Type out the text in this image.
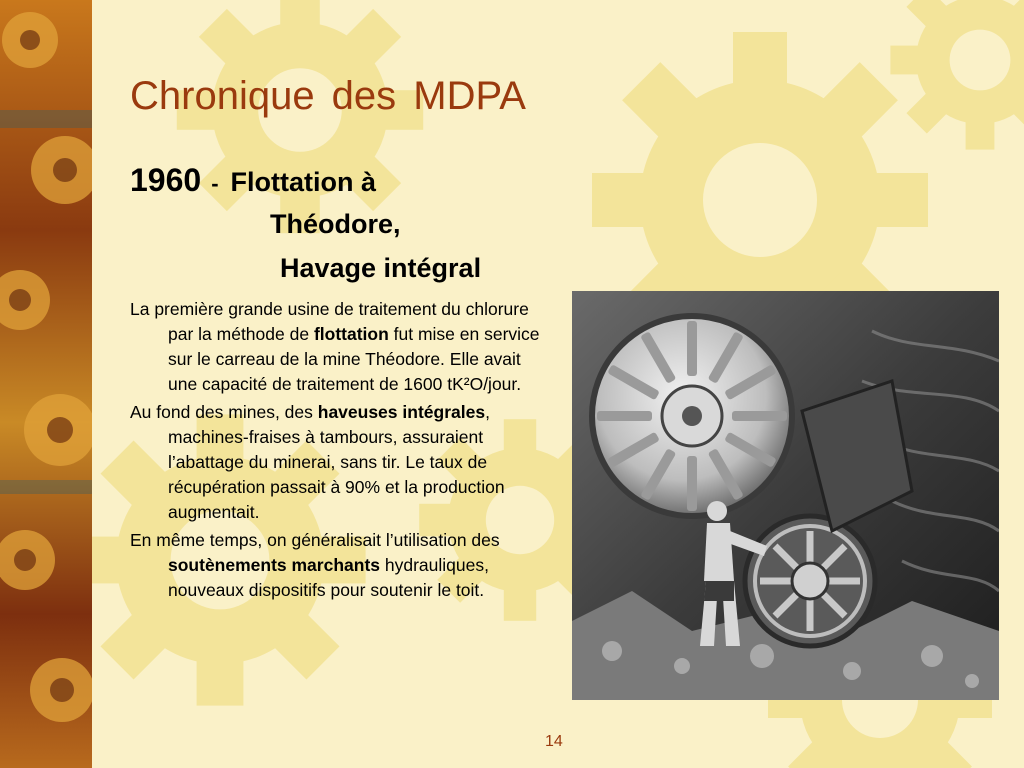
Chronique des MDPA
1960 - Flottation à
Théodore,
Havage intégral

La première grande usine de traitement du chlorure par la méthode de flottation fut mise en service sur le carreau de la mine Théodore. Elle avait une capacité de traitement de 1600 tK²O/jour.

Au fond des mines, des haveuses intégrales, machines-fraises à tambours, assuraient l’abattage du minerai, sans tir. Le taux de récupération passait à 90% et la production augmentait.

En même temps, on généralisait l’utilisation des soutènements marchants hydrauliques, nouveaux dispositifs pour soutenir le toit.

14
